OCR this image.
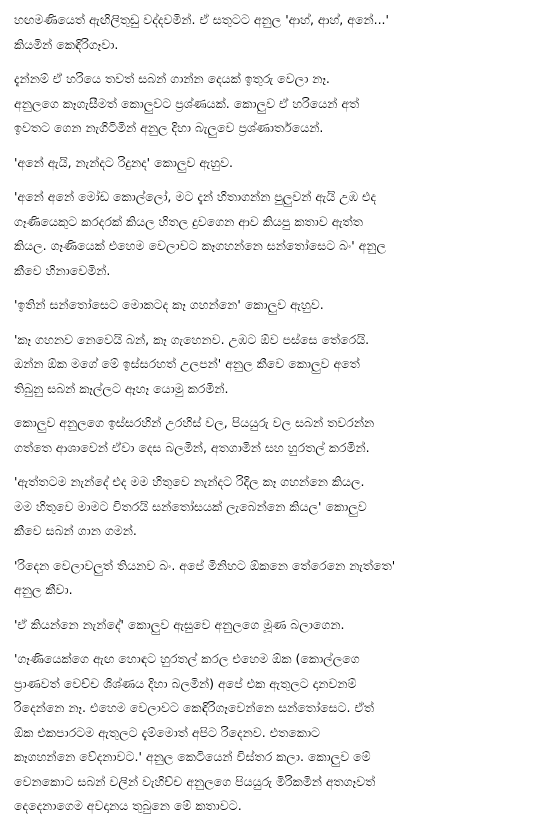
හඟමණියෙත් ඇඟිලිතුඩු වද්දවමින්. ඒ සතුටට අනුල 'ආහ්, ආහ්, අනේ...'
කියමින් කෙඳිරිගෑවා.
දැන්නම් ඒ හරියෙ තවත් සබන් ගාන්න දෙයක් ඉතුරු වෙලා නෑ.
අනුලගෙ කෑගැසීමත් කොලුවට ප්‍රශ්ණයක්. කොලුව ඒ හරියෙන් අත්
ඉවතට ගෙන නැගිටිමින් අනුල දිහා බැලුවෙ ප්‍රශ්ණාර්තයෙන්.
'අනේ ඇයි, නැන්දට රිදුනද' කොලුව ඇහුව.
'අනේ අනේ මෝඩ කොල්ලෝ, මට දැන් හිතාගන්න පුලුවන් ඇයි උඹ එද
ගෑණියෙකුට කරදරක් කියල හිතල දුවගෙන ආව කියපු කතාව ඇත්ත
කියල. ගෑණියෙක් එහෙම වෙලාවට කෑගහන්නෙ සන්තෝසෙට බං' අනුල
කීවෙ හිනාවෙමින්.
'ඉතින් සන්තෝසෙට මොකටද කෑ ගහන්නෙ' කොලුව ඇහුව.
'කෑ ගහනව නෙවෙයි බන්, කෑ ගැහෙනව. උඹට ඕව පස්සෙ තේරෙයි.
ඔන්න ඕක මගේ මේ ඉස්සරහත් උලපන්' අනුල කීවෙ කොලුව අතේ
තිබුනු සබන් කෑල්ලට ඈහෑ යොමු කරමින්.
කොලුව අනුලගෙ ඉස්සරහින් උරහිස් වල, පියයුරු වල සබන් තවරන්න
ගත්තෙ ආශාවෙන් ඒවා දෙස බලමින්, අතගාමින් සහ හුරතල් කරමින්.
'ඇත්තටම නැන්දේ එද මම හිතුවෙ නැන්දට රිදිල කෑ ගහන්නෙ කියල.
මම හිතුවෙ මාමට විතරයි සන්තෝසයක් ලැබෙන්නෙ කියල' කොලුව
කීවෙ සබන් ගාන ගමන්.
'රිදෙන වෙලාවලුත් තියනව බං. අපේ මිනිහට ඕකනෙ තේරෙනෙ නැත්තෙ'
අනුල කීවා.
'ඒ කියන්නෙ නැන්දේ' කොලුව ඇසුවෙ අනුලගෙ මූණ බලාගෙන.
'ගෑණියෙක්ගෙ ඇඟ හොඳට හුරතල් කරල එහෙම ඕක (කොල්ලගෙ
ප්‍රාණවත් වෙච්ච ශිශ්ණය දිහා බලමින්) අපේ එක ඇතුලට දානවනම්
රිදෙන්නෙ නෑ. එහෙම වෙලාවට කෙඳිරිගෑවෙන්නෙ සන්තෝසෙට. ඒත්
ඕක එකපාරටම ඇතුලට දැම්මොත් අපිට රිදෙනව. එතකොට
කෑගහන්නෙ වේදනාවට.' අනුල කෙටියෙන් විස්තර කලා. කොලුව මේ
වෙනකොට සබන් වලින් වැහිච්ච අනුලගෙ පියයුරු මිරිකමින් අතගෑවත්
දෙදෙනාගෙම අවදානය තුබුනෙ මේ කතාවට.
